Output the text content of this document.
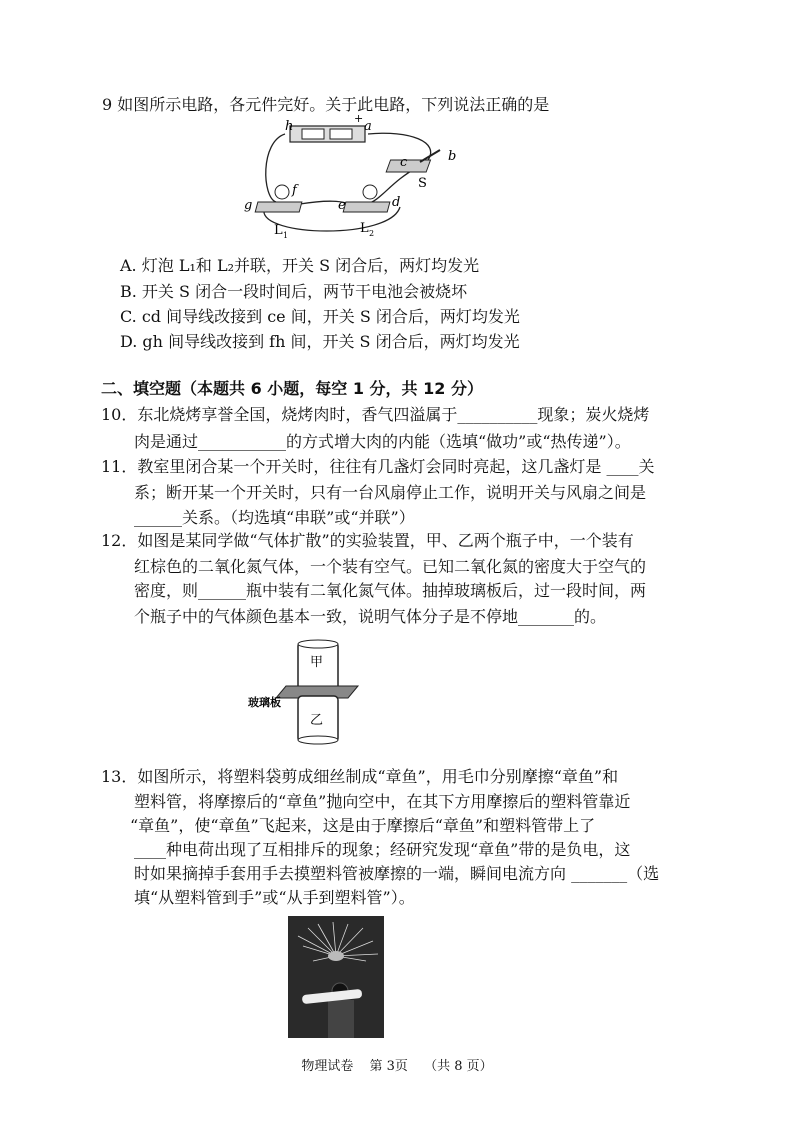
9 如图所示电路，各元件完好。关于此电路，下列说法正确的是
h
+
a
c	b
S
f
g	e	d
L 1	L 2
A. 灯泡 L₁和 L₂并联，开关 S 闭合后，两灯均发光
B. 开关 S 闭合一段时间后，两节干电池会被烧坏
C. cd 间导线改接到 ce 间，开关 S 闭合后，两灯均发光
D. gh 间导线改接到 fh 间，开关 S 闭合后，两灯均发光
二、填空题（本题共 6 小题，每空 1 分，共 12 分）
10．东北烧烤享誉全国，烧烤肉时，香气四溢属于__________现象；炭火烧烤
肉是通过___________的方式增大肉的内能（选填“做功”或“热传递”）。
11．教室里闭合某一个开关时，往往有几盏灯会同时亮起，这几盏灯是 ____关
系；断开某一个开关时，只有一台风扇停止工作，说明开关与风扇之间是
______关系。（均选填“串联”或“并联”）
12．如图是某同学做“气体扩散”的实验装置，甲、乙两个瓶子中，一个装有
红棕色的二氧化氮气体，一个装有空气。已知二氧化氮的密度大于空气的
密度，则______瓶中装有二氧化氮气体。抽掉玻璃板后，过一段时间，两
个瓶子中的气体颜色基本一致，说明气体分子是不停地_______的。
甲
乙
玻璃板
13．如图所示，将塑料袋剪成细丝制成“章鱼”，用毛巾分别摩擦“章鱼”和
塑料管，将摩擦后的“章鱼”抛向空中，在其下方用摩擦后的塑料管靠近
“章鱼”，使“章鱼”飞起来，这是由于摩擦后“章鱼”和塑料管带上了
____种电荷出现了互相排斥的现象；经研究发现“章鱼”带的是负电，这
时如果摘掉手套用手去摸塑料管被摩擦的一端，瞬间电流方向 _______（选
填“从塑料管到手”或“从手到塑料管”）。
物理试卷 第 3页 （共 8 页）
